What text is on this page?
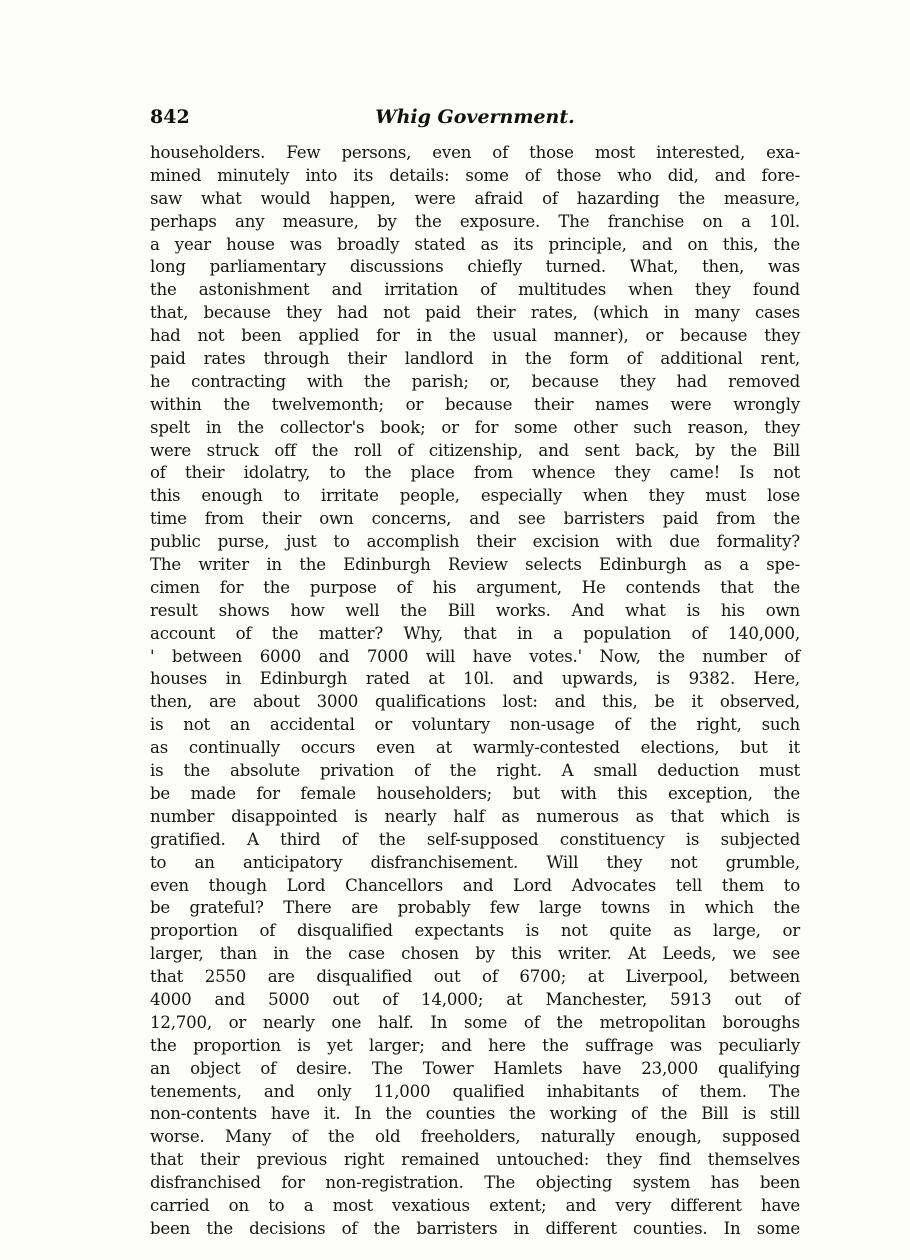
842	Whig Government.
householders. Few persons, even of those most interested, exa-
mined minutely into its details: some of those who did, and fore-
saw what would happen, were afraid of hazarding the measure,
perhaps any measure, by the exposure. The franchise on a 10l.
a year house was broadly stated as its principle, and on this, the
long parliamentary discussions chiefly turned. What, then, was
the astonishment and irritation of multitudes when they found
that, because they had not paid their rates, (which in many cases
had not been applied for in the usual manner), or because they
paid rates through their landlord in the form of additional rent,
he contracting with the parish; or, because they had removed
within the twelvemonth; or because their names were wrongly
spelt in the collector's book; or for some other such reason, they
were struck off the roll of citizenship, and sent back, by the Bill
of their idolatry, to the place from whence they came! Is not
this enough to irritate people, especially when they must lose
time from their own concerns, and see barristers paid from the
public purse, just to accomplish their excision with due formality?
The writer in the Edinburgh Review selects Edinburgh as a spe-
cimen for the purpose of his argument, He contends that the
result shows how well the Bill works. And what is his own
account of the matter? Why, that in a population of 140,000,
' between 6000 and 7000 will have votes.' Now, the number of
houses in Edinburgh rated at 10l. and upwards, is 9382. Here,
then, are about 3000 qualifications lost: and this, be it observed,
is not an accidental or voluntary non-usage of the right, such
as continually occurs even at warmly-contested elections, but it
is the absolute privation of the right. A small deduction must
be made for female householders; but with this exception, the
number disappointed is nearly half as numerous as that which is
gratified. A third of the self-supposed constituency is subjected
to an anticipatory disfranchisement. Will they not grumble,
even though Lord Chancellors and Lord Advocates tell them to
be grateful? There are probably few large towns in which the
proportion of disqualified expectants is not quite as large, or
larger, than in the case chosen by this writer. At Leeds, we see
that 2550 are disqualified out of 6700; at Liverpool, between
4000 and 5000 out of 14,000; at Manchester, 5913 out of
12,700, or nearly one half. In some of the metropolitan boroughs
the proportion is yet larger; and here the suffrage was peculiarly
an object of desire. The Tower Hamlets have 23,000 qualifying
tenements, and only 11,000 qualified inhabitants of them. The
non-contents have it. In the counties the working of the Bill is still
worse. Many of the old freeholders, naturally enough, supposed
that their previous right remained untouched: they find themselves
disfranchised for non-registration. The objecting system has been
carried on to a most vexatious extent; and very different have
been the decisions of the barristers in different counties. In some
